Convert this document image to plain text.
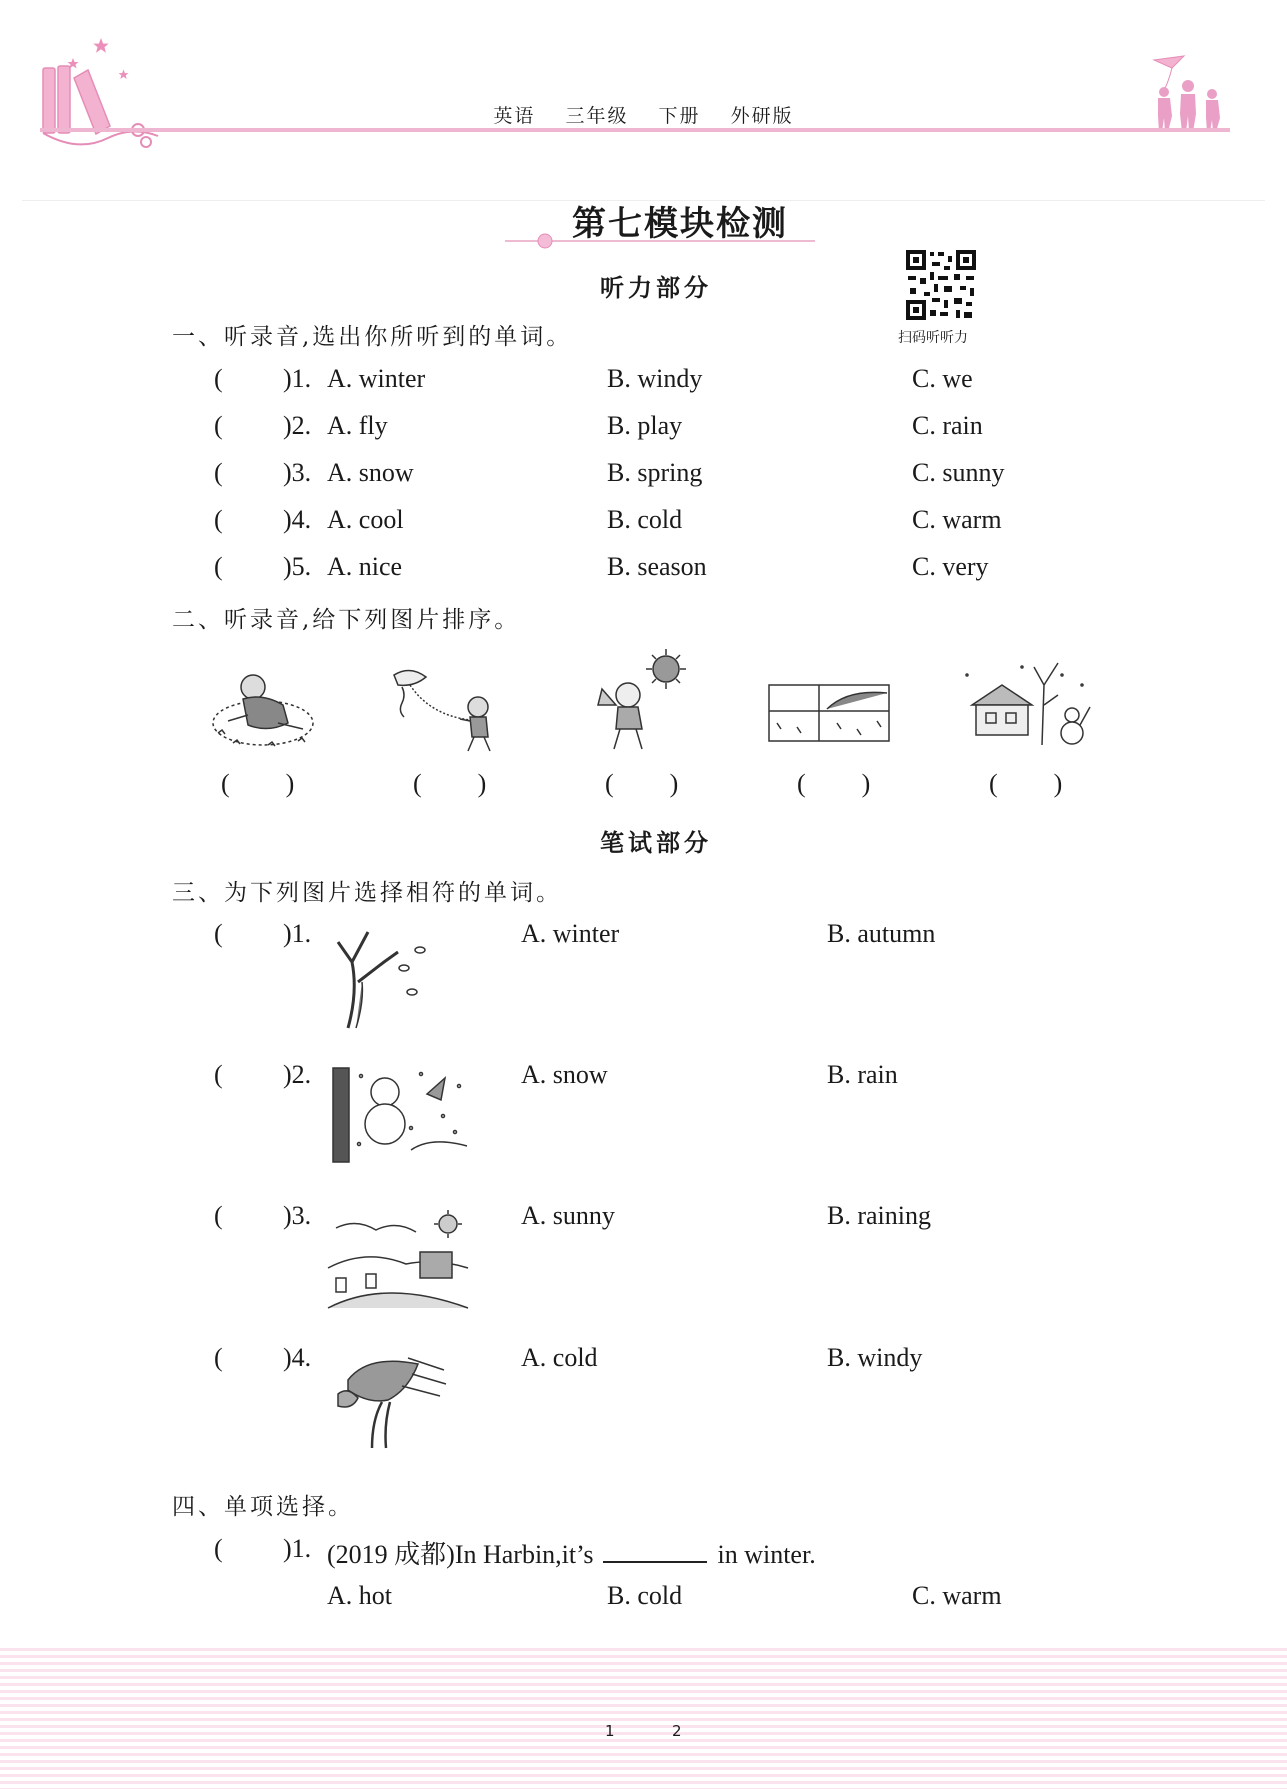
英语 三年级 下册 外研版
第七模块检测
听力部分
扫码听听力
一、听录音,选出你所听到的单词。
( )1. A. winter	B. windy	C. we
( )2. A. fly	B. play	C. rain
( )3. A. snow	B. spring	C. sunny
( )4. A. cool	B. cold	C. warm
( )5. A. nice	B. season	C. very
二、听录音,给下列图片排序。
( )	( )	( )	( )	( )
笔试部分
三、为下列图片选择相符的单词。
( )1.	A. winter	B. autumn
( )2.	A. snow	B. rain
( )3.	A. sunny	B. raining
( )4.	A. cold	B. windy
四、单项选择。
( )1. (2019 成都)In Harbin,it’s	in winter.
A. hot	B. cold	C. warm
1	2
